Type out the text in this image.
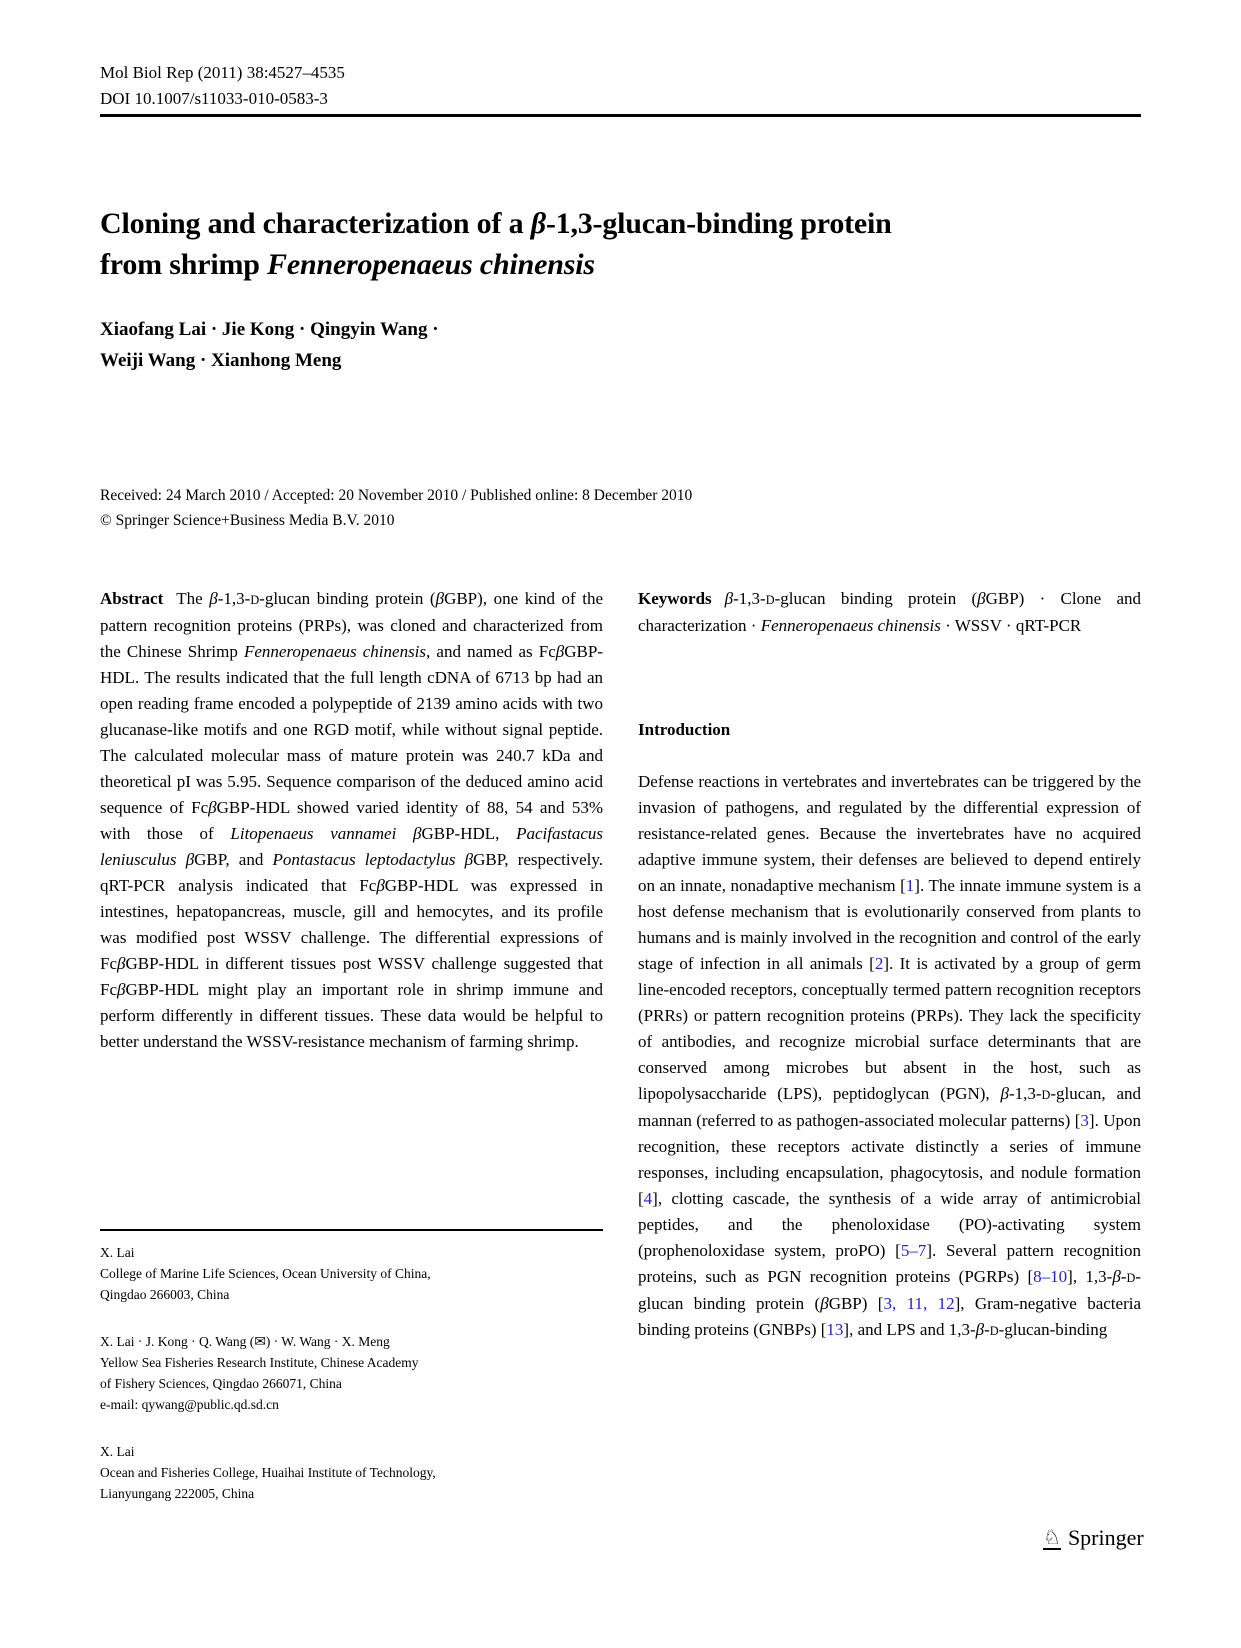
Mol Biol Rep (2011) 38:4527–4535
DOI 10.1007/s11033-010-0583-3
Cloning and characterization of a β-1,3-glucan-binding protein
from shrimp Fenneropenaeus chinensis
Xiaofang Lai · Jie Kong · Qingyin Wang ·
Weiji Wang · Xianhong Meng
Received: 24 March 2010 / Accepted: 20 November 2010 / Published online: 8 December 2010
© Springer Science+Business Media B.V. 2010

Abstract The β-1,3-D-glucan binding protein (βGBP), one kind of the pattern recognition proteins (PRPs), was cloned and characterized from the Chinese Shrimp Fenneropenaeus chinensis, and named as FcβGBP-HDL. The results indicated that the full length cDNA of 6713 bp had an open reading frame encoded a polypeptide of 2139 amino acids with two glucanase-like motifs and one RGD motif, while without signal peptide. The calculated molecular mass of mature protein was 240.7 kDa and theoretical pI was 5.95. Sequence comparison of the deduced amino acid sequence of FcβGBP-HDL showed varied identity of 88, 54 and 53% with those of Litopenaeus vannamei βGBP-HDL, Pacifastacus leniusculus βGBP, and Pontastacus leptodactylus βGBP, respectively. qRT-PCR analysis indicated that FcβGBP-HDL was expressed in intestines, hepatopancreas, muscle, gill and hemocytes, and its profile was modified post WSSV challenge. The differential expressions of FcβGBP-HDL in different tissues post WSSV challenge suggested that FcβGBP-HDL might play an important role in shrimp immune and perform differently in different tissues. These data would be helpful to better understand the WSSV-resistance mechanism of farming shrimp.

Keywords β-1,3-D-glucan binding protein (βGBP) · Clone and characterization · Fenneropenaeus chinensis · WSSV · qRT-PCR

Introduction

Defense reactions in vertebrates and invertebrates can be triggered by the invasion of pathogens, and regulated by the differential expression of resistance-related genes. Because the invertebrates have no acquired adaptive immune system, their defenses are believed to depend entirely on an innate, nonadaptive mechanism [1]. The innate immune system is a host defense mechanism that is evolutionarily conserved from plants to humans and is mainly involved in the recognition and control of the early stage of infection in all animals [2]. It is activated by a group of germ line-encoded receptors, conceptually termed pattern recognition receptors (PRRs) or pattern recognition proteins (PRPs). They lack the specificity of antibodies, and recognize microbial surface determinants that are conserved among microbes but absent in the host, such as lipopolysaccharide (LPS), peptidoglycan (PGN), β-1,3-D-glucan, and mannan (referred to as pathogen-associated molecular patterns) [3]. Upon recognition, these receptors activate distinctly a series of immune responses, including encapsulation, phagocytosis, and nodule formation [4], clotting cascade, the synthesis of a wide array of antimicrobial peptides, and the phenoloxidase (PO)-activating system (prophenoloxidase system, proPO) [5–7]. Several pattern recognition proteins, such as PGN recognition proteins (PGRPs) [8–10], 1,3-β-D-glucan binding protein (βGBP) [3, 11, 12], Gram-negative bacteria binding proteins (GNBPs) [13], and LPS and 1,3-β-D-glucan-binding

X. Lai
College of Marine Life Sciences, Ocean University of China,
Qingdao 266003, China
X. Lai · J. Kong · Q. Wang (✉) · W. Wang · X. Meng
Yellow Sea Fisheries Research Institute, Chinese Academy
of Fishery Sciences, Qingdao 266071, China
e-mail: qywang@public.qd.sd.cn
X. Lai
Ocean and Fisheries College, Huaihai Institute of Technology,
Lianyungang 222005, China
♘ Springer
